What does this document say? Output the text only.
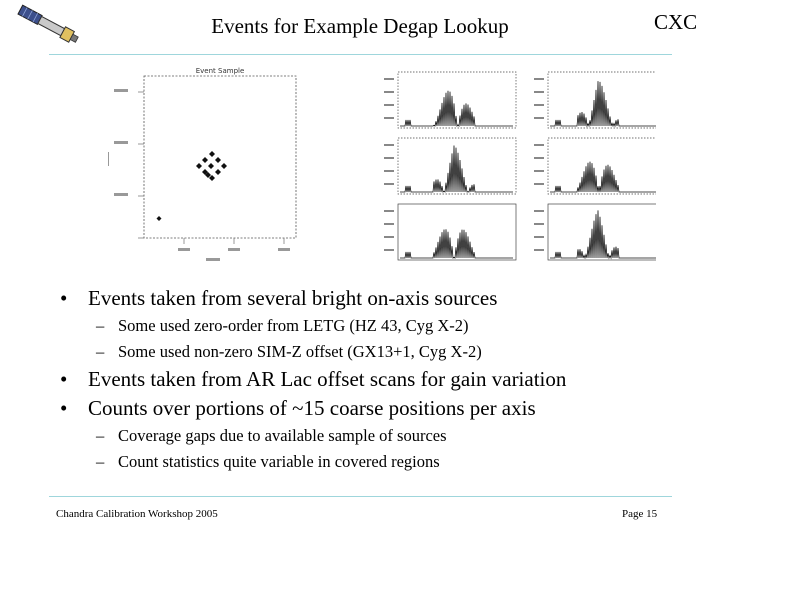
Events for Example Degap Lookup	CXC
Event Sample
• Events taken from several bright on-axis sources
– Some used zero-order from LETG (HZ 43, Cyg X-2)
– Some used non-zero SIM-Z offset (GX13+1, Cyg X-2)
• Events taken from AR Lac offset scans for gain variation
• Counts over portions of ~15 coarse positions per axis
– Coverage gaps due to available sample of sources
– Count statistics quite variable in covered regions
Chandra Calibration Workshop 2005	Page 15
